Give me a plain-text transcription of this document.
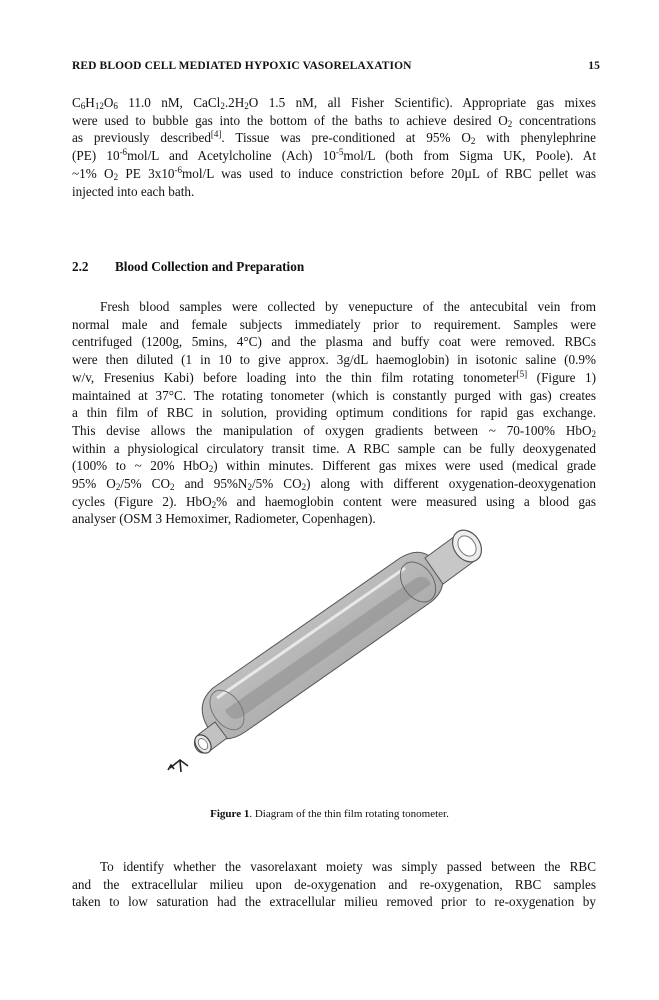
RED BLOOD CELL MEDIATED HYPOXIC VASORELAXATION	15

$C_6H_{12}O_6$ 11.0 nM, $CaCl_2.2H_2O$ 1.5 nM, all Fisher Scientific). Appropriate gas mixes
were used to bubble gas into the bottom of the baths to achieve desired $O_2$ concentrations
as previously described[4]. Tissue was pre-conditioned at 95% $O_2$ with phenylephrine
(PE) $10^{-6}mol/L$ and Acetylcholine (Ach) $10^{-5}mol/L$ (both from Sigma UK, Poole). At
~1% $O_2$ PE $3x10^{-6}mol/L$ was used to induce constriction before 20µL of RBC pellet was
injected into each bath.

2.2 Blood Collection and Preparation

Fresh blood samples were collected by venepucture of the antecubital vein from
normal male and female subjects immediately prior to requirement. Samples were
centrifuged (1200g, 5mins, 4°C) and the plasma and buffy coat were removed. RBCs
were then diluted (1 in 10 to give approx. 3g/dL haemoglobin) in isotonic saline (0.9%
w/v, Fresenius Kabi) before loading into the thin film rotating tonometer[5] (Figure 1)
maintained at 37°C. The rotating tonometer (which is constantly purged with gas) creates
a thin film of RBC in solution, providing optimum conditions for rapid gas exchange.
This devise allows the manipulation of oxygen gradients between ~ 70-100% HbO$_2$
within a physiological circulatory transit time. A RBC sample can be fully deoxygenated
(100% to ~ 20% HbO$_2$) within minutes. Different gas mixes were used (medical grade
95% $O_2/5\%$ $CO_2$ and $95\%N_2/5\%$ $CO_2$) along with different oxygenation-deoxygenation
cycles (Figure 2). HbO$_2$% and haemoglobin content were measured using a blood gas
analyser (OSM 3 Hemoximer, Radiometer, Copenhagen).

Figure 1. Diagram of the thin film rotating tonometer.

To identify whether the vasorelaxant moiety was simply passed between the RBC
and the extracellular milieu upon de-oxygenation and re-oxygenation, RBC samples
taken to low saturation had the extracellular milieu removed prior to re-oxygenation by
